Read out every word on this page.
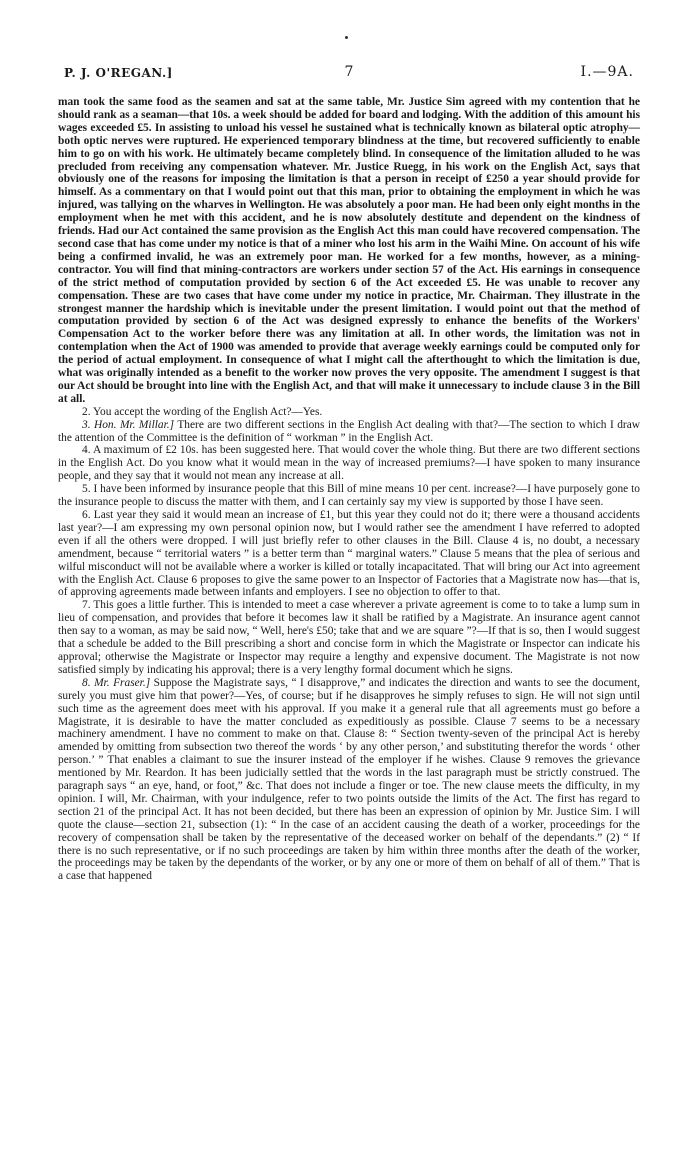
P. J. O'REGAN.]	7	I.—9A.

man took the same food as the seamen and sat at the same table, Mr. Justice Sim agreed with my contention that he should rank as a seaman—that 10s. a week should be added for board and lodging. With the addition of this amount his wages exceeded £5. In assisting to unload his vessel he sustained what is technically known as bilateral optic atrophy—both optic nerves were ruptured. He experienced temporary blindness at the time, but recovered sufficiently to enable him to go on with his work. He ultimately became completely blind. In consequence of the limitation alluded to he was precluded from receiving any compensation whatever. Mr. Justice Ruegg, in his work on the English Act, says that obviously one of the reasons for imposing the limitation is that a person in receipt of £250 a year should provide for himself. As a commentary on that I would point out that this man, prior to obtaining the employment in which he was injured, was tallying on the wharves in Wellington. He was absolutely a poor man. He had been only eight months in the employment when he met with this accident, and he is now absolutely destitute and dependent on the kindness of friends. Had our Act contained the same provision as the English Act this man could have recovered compensation. The second case that has come under my notice is that of a miner who lost his arm in the Waihi Mine. On account of his wife being a confirmed invalid, he was an extremely poor man. He worked for a few months, however, as a mining-contractor. You will find that mining-contractors are workers under section 57 of the Act. His earnings in consequence of the strict method of computation provided by section 6 of the Act exceeded £5. He was unable to recover any compensation. These are two cases that have come under my notice in practice, Mr. Chairman. They illustrate in the strongest manner the hardship which is inevitable under the present limitation. I would point out that the method of computation provided by section 6 of the Act was designed expressly to enhance the benefits of the Workers' Compensation Act to the worker before there was any limitation at all. In other words, the limitation was not in contemplation when the Act of 1900 was amended to provide that average weekly earnings could be computed only for the period of actual employment. In consequence of what I might call the afterthought to which the limitation is due, what was originally intended as a benefit to the worker now proves the very opposite. The amendment I suggest is that our Act should be brought into line with the English Act, and that will make it unnecessary to include clause 3 in the Bill at all.

2. You accept the wording of the English Act?—Yes.

3. Hon. Mr. Millar.] There are two different sections in the English Act dealing with that?—The section to which I draw the attention of the Committee is the definition of “ workman ” in the English Act.

4. A maximum of £2 10s. has been suggested here. That would cover the whole thing. But there are two different sections in the English Act. Do you know what it would mean in the way of increased premiums?—I have spoken to many insurance people, and they say that it would not mean any increase at all.

5. I have been informed by insurance people that this Bill of mine means 10 per cent. increase?—I have purposely gone to the insurance people to discuss the matter with them, and I can certainly say my view is supported by those I have seen.

6. Last year they said it would mean an increase of £1, but this year they could not do it; there were a thousand accidents last year?—I am expressing my own personal opinion now, but I would rather see the amendment I have referred to adopted even if all the others were dropped. I will just briefly refer to other clauses in the Bill. Clause 4 is, no doubt, a necessary amendment, because “ territorial waters ” is a better term than “ marginal waters.” Clause 5 means that the plea of serious and wilful misconduct will not be available where a worker is killed or totally incapacitated. That will bring our Act into agreement with the English Act. Clause 6 proposes to give the same power to an Inspector of Factories that a Magistrate now has—that is, of approving agreements made between infants and employers. I see no objection to offer to that.

7. This goes a little further. This is intended to meet a case wherever a private agreement is come to to take a lump sum in lieu of compensation, and provides that before it becomes law it shall be ratified by a Magistrate. An insurance agent cannot then say to a woman, as may be said now, “ Well, here's £50; take that and we are square ”?—If that is so, then I would suggest that a schedule be added to the Bill prescribing a short and concise form in which the Magistrate or Inspector can indicate his approval; otherwise the Magistrate or Inspector may require a lengthy and expensive document. The Magistrate is not now satisfied simply by indicating his approval; there is a very lengthy formal document which he signs.

8. Mr. Fraser.] Suppose the Magistrate says, “ I disapprove,” and indicates the direction and wants to see the document, surely you must give him that power?—Yes, of course; but if he disapproves he simply refuses to sign. He will not sign until such time as the agreement does meet with his approval. If you make it a general rule that all agreements must go before a Magistrate, it is desirable to have the matter concluded as expeditiously as possible. Clause 7 seems to be a necessary machinery amendment. I have no comment to make on that. Clause 8: “ Section twenty-seven of the principal Act is hereby amended by omitting from subsection two thereof the words ‘ by any other person,’ and substituting therefor the words ‘ other person.’ ” That enables a claimant to sue the insurer instead of the employer if he wishes. Clause 9 removes the grievance mentioned by Mr. Reardon. It has been judicially settled that the words in the last paragraph must be strictly construed. The paragraph says “ an eye, hand, or foot,” &c. That does not include a finger or toe. The new clause meets the difficulty, in my opinion. I will, Mr. Chairman, with your indulgence, refer to two points outside the limits of the Act. The first has regard to section 21 of the principal Act. It has not been decided, but there has been an expression of opinion by Mr. Justice Sim. I will quote the clause—section 21, subsection (1): “ In the case of an accident causing the death of a worker, proceedings for the recovery of compensation shall be taken by the representative of the deceased worker on behalf of the dependants.” (2) “ If there is no such representative, or if no such proceedings are taken by him within three months after the death of the worker, the proceedings may be taken by the dependants of the worker, or by any one or more of them on behalf of all of them.” That is a case that happened
